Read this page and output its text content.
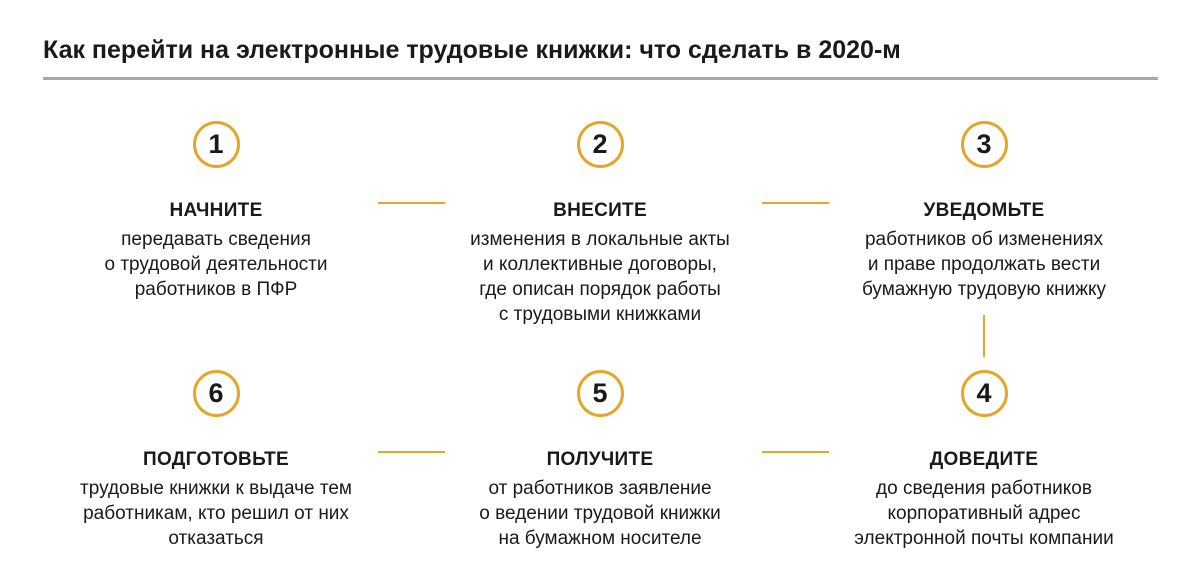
Как перейти на электронные трудовые книжки: что сделать в 2020-м
1
НАЧНИТЕ
передавать сведения
о трудовой деятельности
работников в ПФР
2
ВНЕСИТЕ
изменения в локальные акты
и коллективные договоры,
где описан порядок работы
с трудовыми книжками
3
УВЕДОМЬТЕ
работников об изменениях
и праве продолжать вести
бумажную трудовую книжку
6
ПОДГОТОВЬТЕ
трудовые книжки к выдаче тем
работникам, кто решил от них
отказаться
5
ПОЛУЧИТЕ
от работников заявление
о ведении трудовой книжки
на бумажном носителе
4
ДОВЕДИТЕ
до сведения работников
корпоративный адрес
электронной почты компании
